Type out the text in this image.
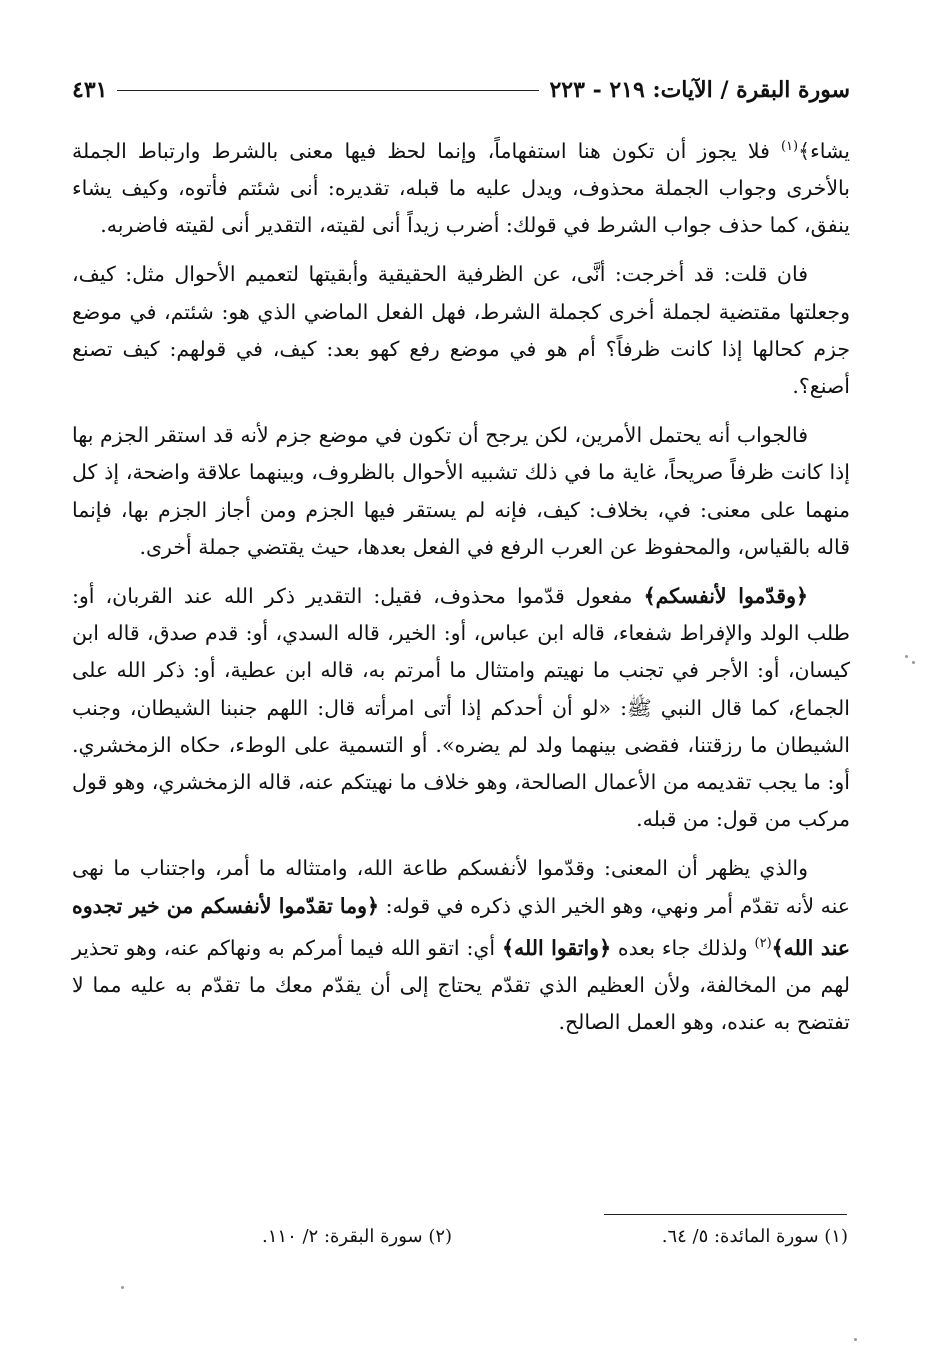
سورة البقرة / الآيات: ٢١٩ - ٢٢٣
٤٣١

يشاء﴾$^{(١)}$ فلا يجوز أن تكون هنا استفهاماً، وإنما لحظ فيها معنى بالشرط وارتباط الجملة بالأخرى وجواب الجملة محذوف، ويدل عليه ما قبله، تقديره: أنى شئتم فأتوه، وكيف يشاء ينفق، كما حذف جواب الشرط في قولك: أضرب زيداً أنى لقيته، التقدير أنى لقيته فاضربه.

فان قلت: قد أخرجت: أنَّى، عن الظرفية الحقيقية وأبقيتها لتعميم الأحوال مثل: كيف، وجعلتها مقتضية لجملة أخرى كجملة الشرط، فهل الفعل الماضي الذي هو: شئتم، في موضع جزم كحالها إذا كانت ظرفاً؟ أم هو في موضع رفع كهو بعد: كيف، في قولهم: كيف تصنع أصنع؟.

فالجواب أنه يحتمل الأمرين، لكن يرجح أن تكون في موضع جزم لأنه قد استقر الجزم بها إذا كانت ظرفاً صريحاً، غاية ما في ذلك تشبيه الأحوال بالظروف، وبينهما علاقة واضحة، إذ كل منهما على معنى: في، بخلاف: كيف، فإنه لم يستقر فيها الجزم ومن أجاز الجزم بها، فإنما قاله بالقياس، والمحفوظ عن العرب الرفع في الفعل بعدها، حيث يقتضي جملة أخرى.

﴿وقدّموا لأنفسكم﴾ مفعول قدّموا محذوف، فقيل: التقدير ذكر الله عند القربان، أو: طلب الولد والإفراط شفعاء، قاله ابن عباس، أو: الخير، قاله السدي، أو: قدم صدق، قاله ابن كيسان، أو: الأجر في تجنب ما نهيتم وامتثال ما أمرتم به، قاله ابن عطية، أو: ذكر الله على الجماع، كما قال النبي ﷺ: «لو أن أحدكم إذا أتى امرأته قال: اللهم جنبنا الشيطان، وجنب الشيطان ما رزقتنا، فقضى بينهما ولد لم يضره». أو التسمية على الوطء، حكاه الزمخشري. أو: ما يجب تقديمه من الأعمال الصالحة، وهو خلاف ما نهيتكم عنه، قاله الزمخشري، وهو قول مركب من قول: من قبله.

والذي يظهر أن المعنى: وقدّموا لأنفسكم طاعة الله، وامتثاله ما أمر، واجتناب ما نهى عنه لأنه تقدّم أمر ونهي، وهو الخير الذي ذكره في قوله: ﴿وما تقدّموا لأنفسكم من خير تجدوه عند الله﴾$^{(٢)}$ ولذلك جاء بعده ﴿واتقوا الله﴾ أي: اتقو الله فيما أمركم به ونهاكم عنه، وهو تحذير لهم من المخالفة، ولأن العظيم الذي تقدّم يحتاج إلى أن يقدّم معك ما تقدّم به عليه مما لا تفتضح به عنده، وهو العمل الصالح.

(١) سورة المائدة: ٥/ ٦٤.
(٢) سورة البقرة: ٢/ ١١٠.
